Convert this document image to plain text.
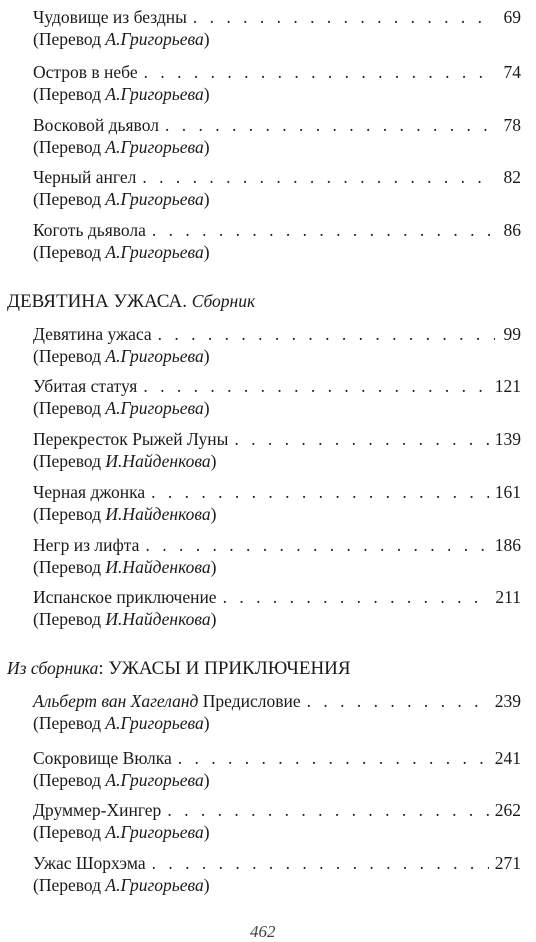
Чудовище из бездны . . .	69
(Перевод А.Григорьева)
Остров в небе . . .	74
(Перевод А.Григорьева)
Восковой дьявол . . .	78
(Перевод А.Григорьева)
Черный ангел . . .	82
(Перевод А.Григорьева)
Коготь дьявола . . .	86
(Перевод А.Григорьева)
ДЕВЯТИНА УЖАСА. Сборник
Девятина ужаса . . .	99
(Перевод А.Григорьева)
Убитая статуя . . .	121
(Перевод А.Григорьева)
Перекресток Рыжей Луны . . .	139
(Перевод И.Найденкова)
Черная джонка . . .	161
(Перевод И.Найденкова)
Негр из лифта . . .	186
(Перевод И.Найденкова)
Испанское приключение . . .	211
(Перевод И.Найденкова)
Из сборника: УЖАСЫ И ПРИКЛЮЧЕНИЯ
Альберт ван Хагеланд Предисловие . . .	239
(Перевод А.Григорьева)
Сокровище Вюлка . . .	241
(Перевод А.Григорьева)
Друммер-Хингер . . .	262
(Перевод А.Григорьева)
Ужас Шорхэма . . .	271
(Перевод А.Григорьева)
462
